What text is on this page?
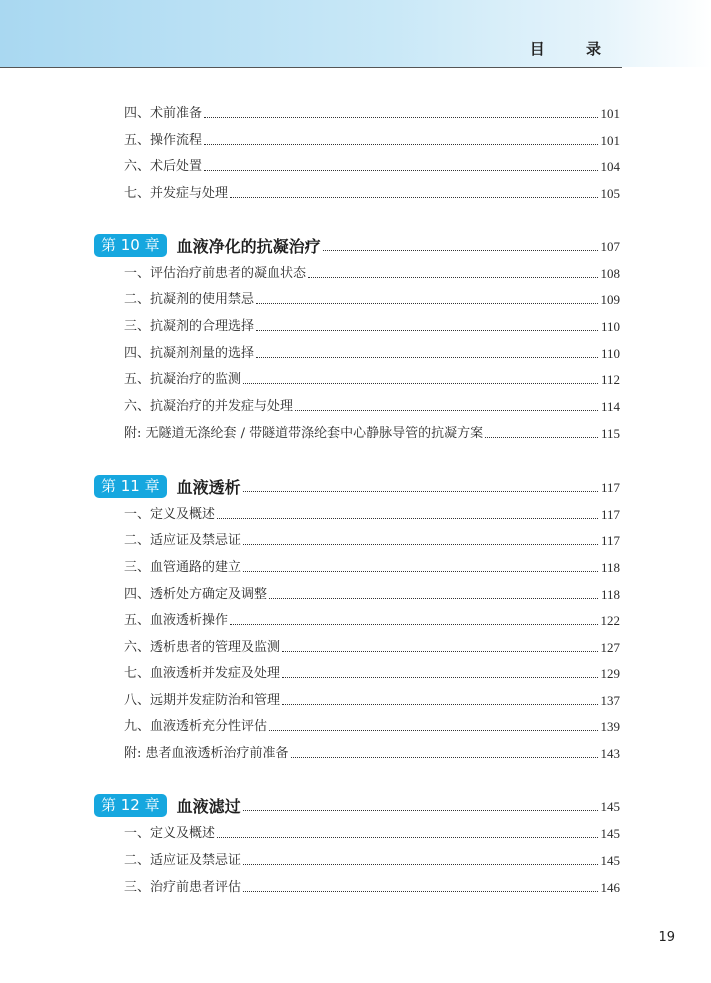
目 录
四、术前准备	101
五、操作流程	101
六、术后处置	104
七、并发症与处理	105
第 10 章	血液净化的抗凝治疗	107
一、评估治疗前患者的凝血状态	108
二、抗凝剂的使用禁忌	109
三、抗凝剂的合理选择	110
四、抗凝剂剂量的选择	110
五、抗凝治疗的监测	112
六、抗凝治疗的并发症与处理	114
附: 无隧道无涤纶套 / 带隧道带涤纶套中心静脉导管的抗凝方案	115
第 11 章	血液透析	117
一、定义及概述	117
二、适应证及禁忌证	117
三、血管通路的建立	118
四、透析处方确定及调整	118
五、血液透析操作	122
六、透析患者的管理及监测	127
七、血液透析并发症及处理	129
八、远期并发症防治和管理	137
九、血液透析充分性评估	139
附: 患者血液透析治疗前准备	143
第 12 章	血液滤过	145
一、定义及概述	145
二、适应证及禁忌证	145
三、治疗前患者评估	146
19
